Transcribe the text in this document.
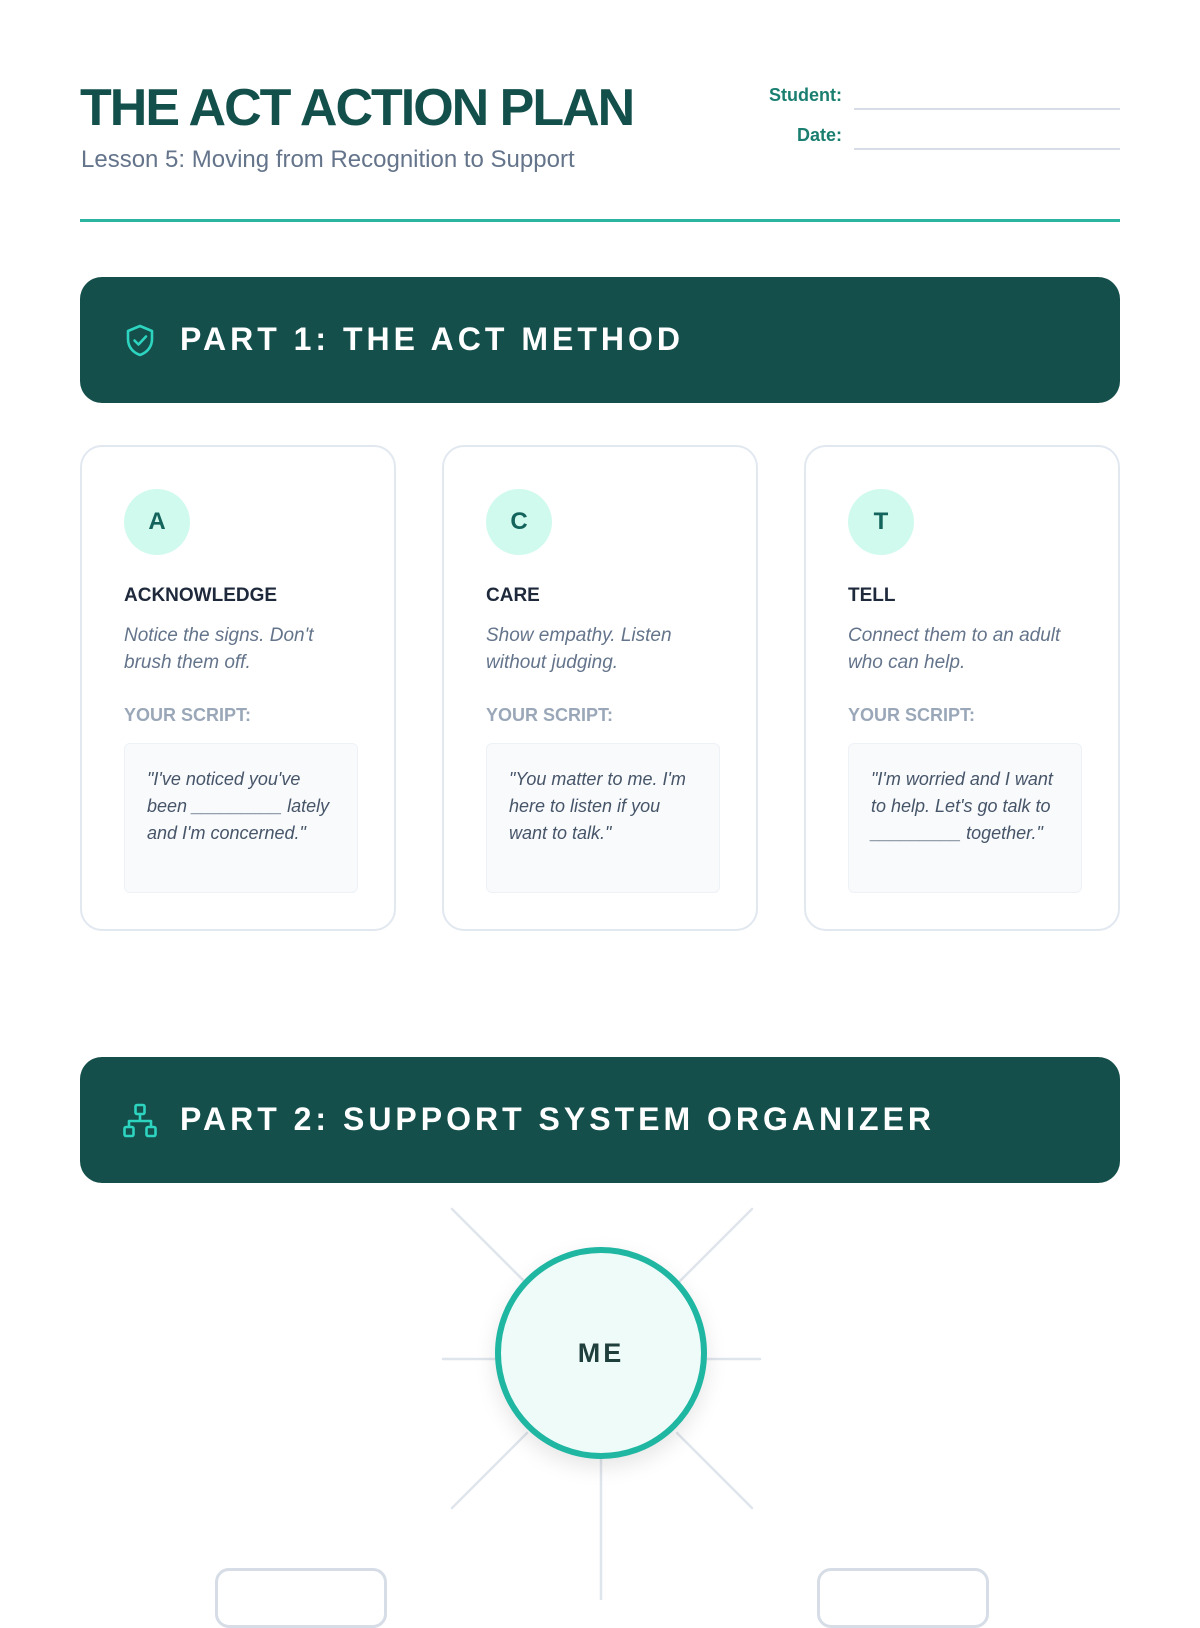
THE ACT ACTION PLAN
Lesson 5: Moving from Recognition to Support
Student:
Date:
PART 1: THE ACT METHOD
A
ACKNOWLEDGE
Notice the signs. Don't brush them off.
YOUR SCRIPT:
"I've noticed you've been _________ lately and I'm concerned."
C
CARE
Show empathy. Listen without judging.
YOUR SCRIPT:
"You matter to me. I'm here to listen if you want to talk."
T
TELL
Connect them to an adult who can help.
YOUR SCRIPT:
"I'm worried and I want to help. Let's go talk to _________ together."
PART 2: SUPPORT SYSTEM ORGANIZER
ME
